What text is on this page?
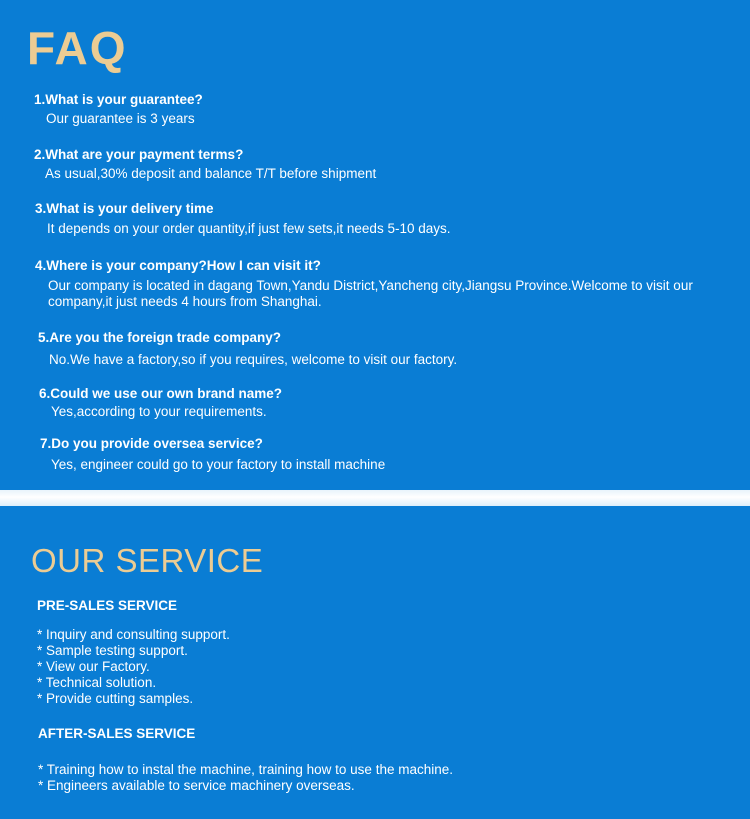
FAQ
1.What is your guarantee?
Our guarantee is 3 years
2.What are your payment terms?
As usual,30% deposit and balance T/T before shipment
3.What is your delivery time
It depends on your order quantity,if just few sets,it needs 5-10 days.
4.Where is your company?How I can visit it?
Our company is located in dagang Town,Yandu District,Yancheng city,Jiangsu Province.Welcome to visit our company,it just needs 4 hours from Shanghai.
5.Are you the foreign trade company?
No.We have a factory,so if you requires, welcome to visit our factory.
6.Could we use our own brand name?
Yes,according to your requirements.
7.Do you provide oversea service?
Yes, engineer could go to your factory to install machine
OUR SERVICE
PRE-SALES SERVICE
* Inquiry and consulting support.
* Sample testing support.
* View our Factory.
* Technical solution.
* Provide cutting samples.
AFTER-SALES SERVICE
* Training how to instal the machine, training how to use the machine.
* Engineers available to service machinery overseas.
